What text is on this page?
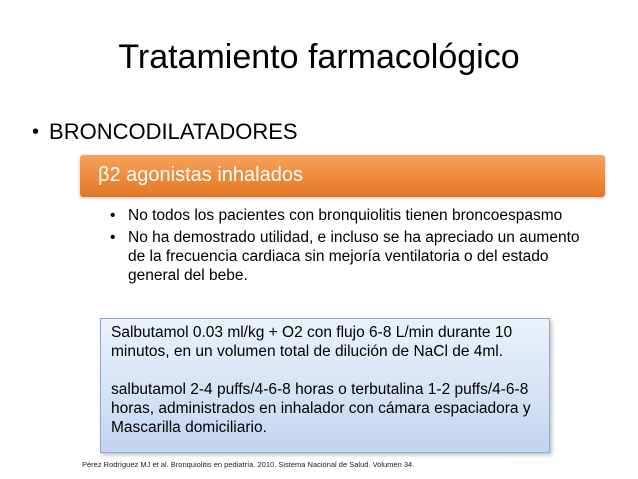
Tratamiento farmacológico
• BRONCODILATADORES
β2 agonistas inhalados
• No todos los pacientes con bronquiolitis tienen broncoespasmo
• No ha demostrado utilidad, e incluso se ha apreciado un aumento de la frecuencia cardiaca sin mejoría ventilatoria o del estado general del bebe.

Salbutamol 0.03 ml/kg + O2 con flujo 6-8 L/min durante 10 minutos, en un volumen total de dilución de NaCl de 4ml.

salbutamol 2-4 puffs/4-6-8 horas o terbutalina 1-2 puffs/4-6-8 horas, administrados en inhalador con cámara espaciadora y Mascarilla domiciliario.

Pérez Rodríguez MJ et al. Bronquiolitis en pediatría. 2010. Sistema Nacional de Salud. Volumen 34.
